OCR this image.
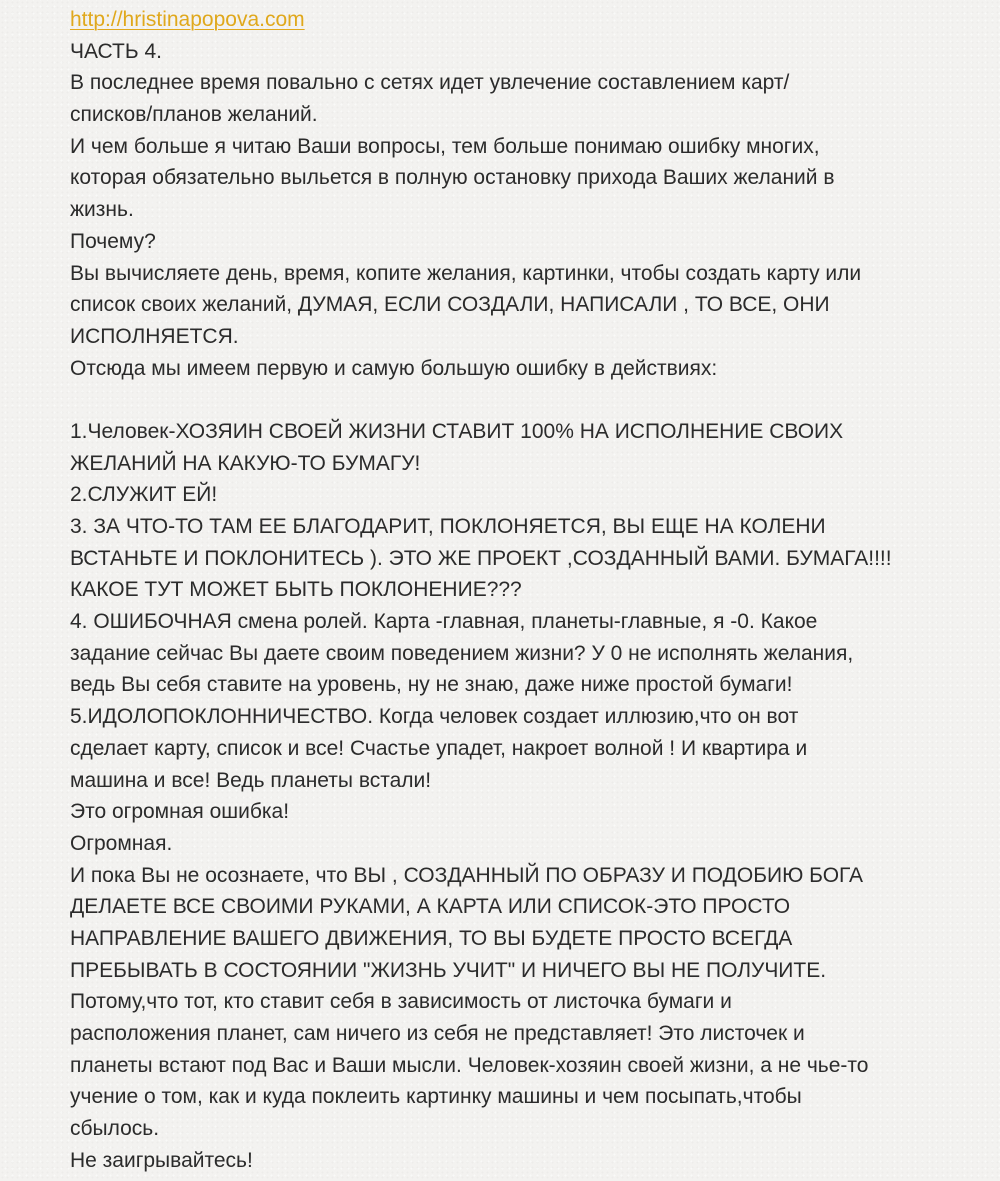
http://hristinapopova.com
ЧАСТЬ 4.
В последнее время повально с сетях идет увлечение составлением карт/
списков/планов желаний.
И чем больше я читаю Ваши вопросы, тем больше понимаю ошибку многих,
которая обязательно выльется в полную остановку прихода Ваших желаний в
жизнь.
Почему?
Вы вычисляете день, время, копите желания, картинки, чтобы создать карту или
список своих желаний, ДУМАЯ, ЕСЛИ СОЗДАЛИ, НАПИСАЛИ , ТО ВСЕ, ОНИ
ИСПОЛНЯЕТСЯ.
Отсюда мы имеем первую и самую большую ошибку в действиях:
1.Человек-ХОЗЯИН СВОЕЙ ЖИЗНИ СТАВИТ 100% НА ИСПОЛНЕНИЕ СВОИХ
ЖЕЛАНИЙ НА КАКУЮ-ТО БУМАГУ!
2.СЛУЖИТ ЕЙ!
3. ЗА ЧТО-ТО ТАМ ЕЕ БЛАГОДАРИТ, ПОКЛОНЯЕТСЯ, ВЫ ЕЩЕ НА КОЛЕНИ
ВСТАНЬТЕ И ПОКЛОНИТЕСЬ ). ЭТО ЖЕ ПРОЕКТ ,СОЗДАННЫЙ ВАМИ. БУМАГА!!!!
КАКОЕ ТУТ МОЖЕТ БЫТЬ ПОКЛОНЕНИЕ???
4. ОШИБОЧНАЯ смена ролей. Карта -главная, планеты-главные, я -0. Какое
задание сейчас Вы даете своим поведением жизни? У 0 не исполнять желания,
ведь Вы себя ставите на уровень, ну не знаю, даже ниже простой бумаги!
5.ИДОЛОПОКЛОННИЧЕСТВО. Когда человек создает иллюзию,что он вот
сделает карту, список и все! Счастье упадет, накроет волной ! И квартира и
машина и все! Ведь планеты встали!
Это огромная ошибка!
Огромная.
И пока Вы не осознаете, что ВЫ , СОЗДАННЫЙ ПО ОБРАЗУ И ПОДОБИЮ БОГА
ДЕЛАЕТЕ ВСЕ СВОИМИ РУКАМИ, А КАРТА ИЛИ СПИСОК-ЭТО ПРОСТО
НАПРАВЛЕНИЕ ВАШЕГО ДВИЖЕНИЯ, ТО ВЫ БУДЕТЕ ПРОСТО ВСЕГДА
ПРЕБЫВАТЬ В СОСТОЯНИИ "ЖИЗНЬ УЧИТ" И НИЧЕГО ВЫ НЕ ПОЛУЧИТЕ.
Потому,что тот, кто ставит себя в зависимость от листочка бумаги и
расположения планет, сам ничего из себя не представляет! Это листочек и
планеты встают под Вас и Ваши мысли. Человек-хозяин своей жизни, а не чье-то
учение о том, как и куда поклеить картинку машины и чем посыпать,чтобы
сбылось.
Не заигрывайтесь!
